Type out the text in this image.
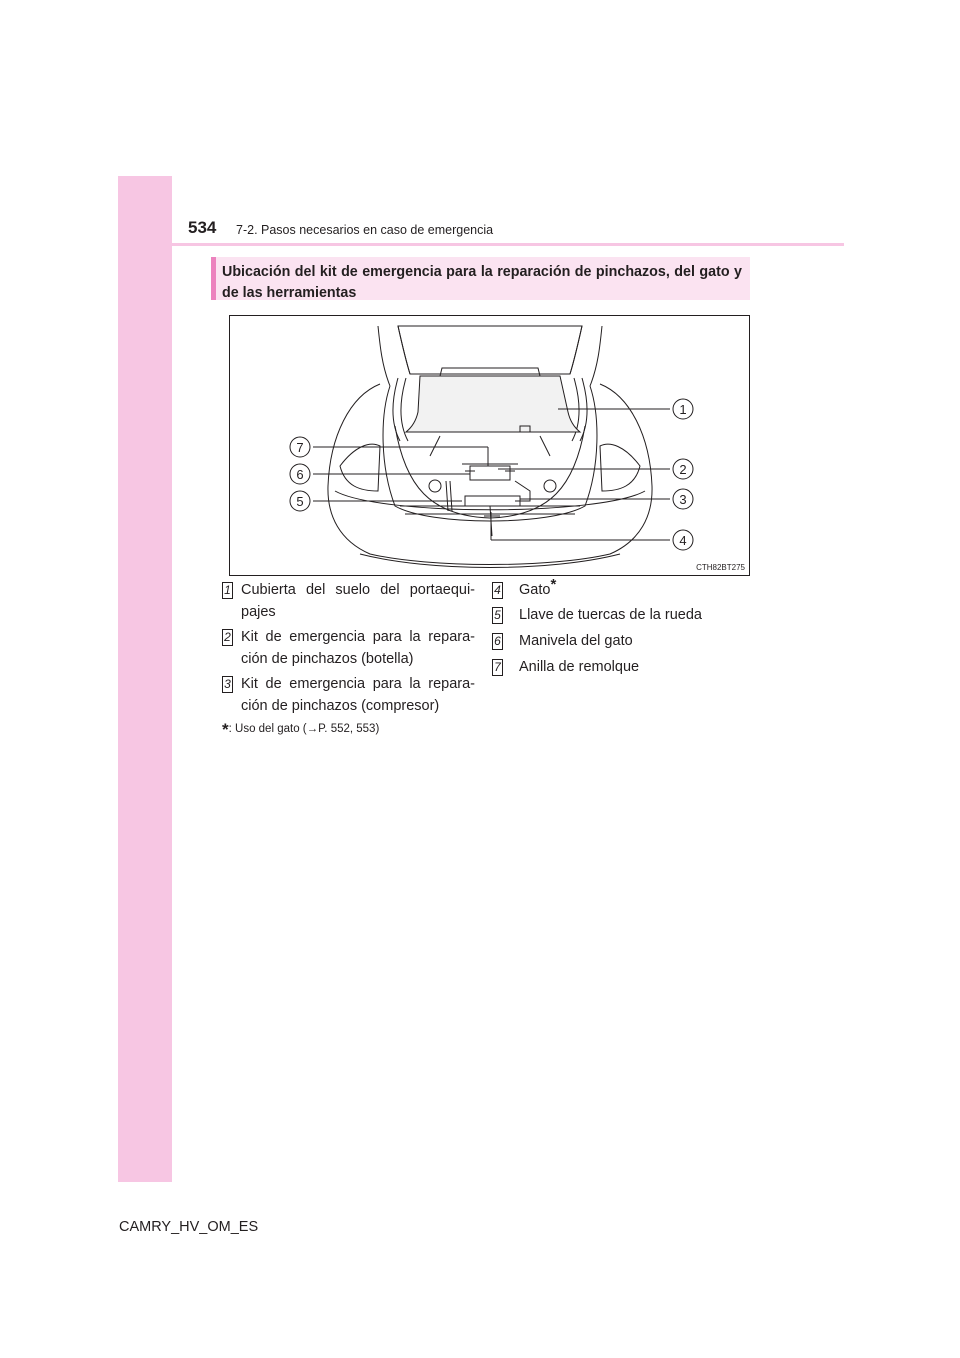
534 7-2. Pasos necesarios en caso de emergencia
Ubicación del kit de emergencia para la reparación de pinchazos, del gato y de las herramientas
1
2
3
4
5
6
7
CTH82BT275
1 Cubierta del suelo del portaequi-pajes
2 Kit de emergencia para la repara-ción de pinchazos (botella)
3 Kit de emergencia para la repara-ción de pinchazos (compresor)
4 Gato*
5 Llave de tuercas de la rueda
6 Manivela del gato
7 Anilla de remolque
*: Uso del gato (→P. 552, 553)
CAMRY_HV_OM_ES
